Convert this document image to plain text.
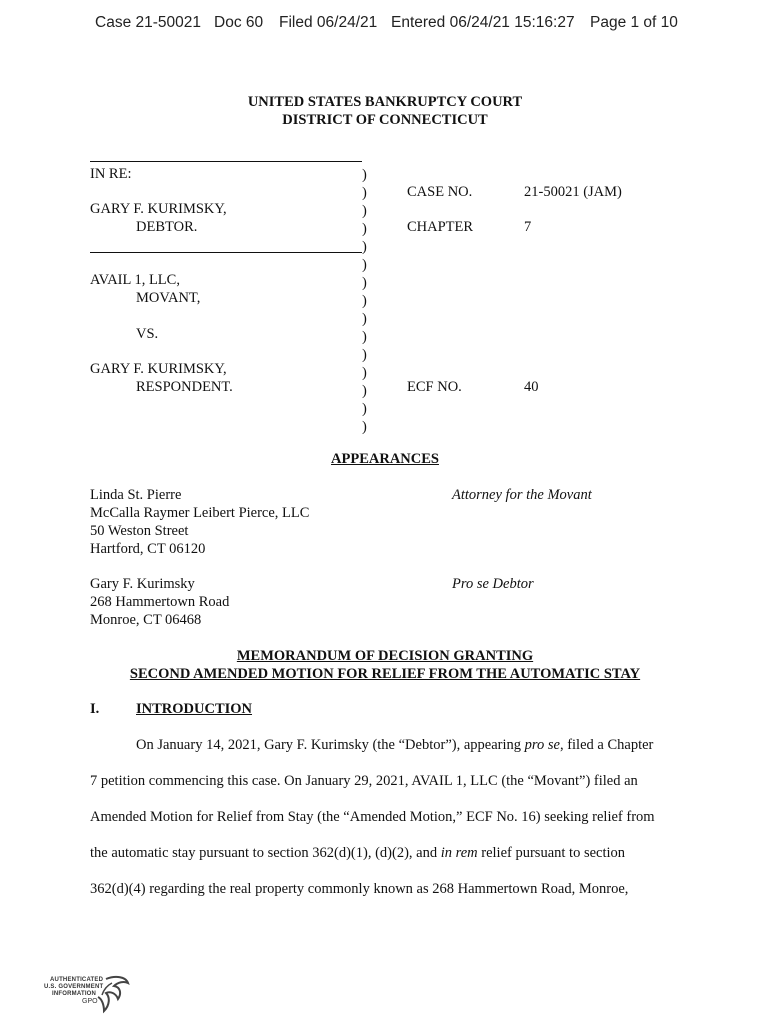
Case 21-50021 Doc 60 Filed 06/24/21 Entered 06/24/21 15:16:27 Page 1 of 10
UNITED STATES BANKRUPTCY COURT
DISTRICT OF CONNECTICUT
IN RE:
GARY F. KURIMSKY,
DEBTOR.
AVAIL 1, LLC,
MOVANT,
VS.
GARY F. KURIMSKY,
RESPONDENT.
)
)
)
)
)
)
)
)
)
)
)
)
)
)
)
CASE NO.	21-50021 (JAM)
CHAPTER	7
ECF NO.	40
APPEARANCES
Linda St. Pierre
McCalla Raymer Leibert Pierce, LLC
50 Weston Street
Hartford, CT 06120
Attorney for the Movant
Gary F. Kurimsky
268 Hammertown Road
Monroe, CT 06468
Pro se Debtor
MEMORANDUM OF DECISION GRANTING
SECOND AMENDED MOTION FOR RELIEF FROM THE AUTOMATIC STAY
I.	INTRODUCTION
On January 14, 2021, Gary F. Kurimsky (the “Debtor”), appearing pro se, filed a Chapter
7 petition commencing this case. On January 29, 2021, AVAIL 1, LLC (the “Movant”) filed an
Amended Motion for Relief from Stay (the “Amended Motion,” ECF No. 16) seeking relief from
the automatic stay pursuant to section 362(d)(1), (d)(2), and in rem relief pursuant to section
362(d)(4) regarding the real property commonly known as 268 Hammertown Road, Monroe,
AUTHENTICATED
U.S. GOVERNMENT
INFORMATION
GPO
